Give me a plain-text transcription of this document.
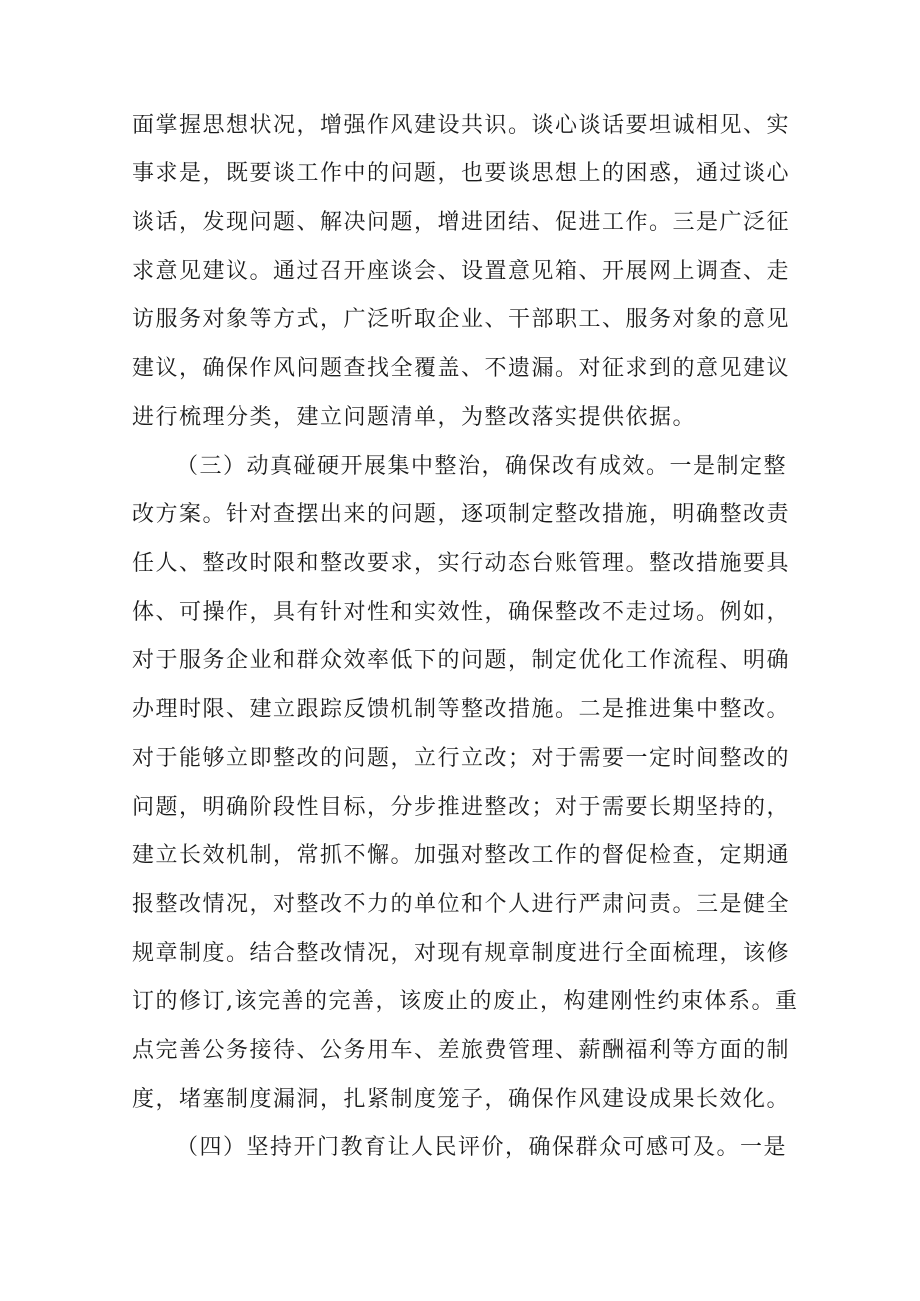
面掌握思想状况，增强作风建设共识。谈心谈话要坦诚相见、实
事求是，既要谈工作中的问题，也要谈思想上的困惑，通过谈心
谈话，发现问题、解决问题，增进团结、促进工作。三是广泛征
求意见建议。通过召开座谈会、设置意见箱、开展网上调查、走
访服务对象等方式，广泛听取企业、干部职工、服务对象的意见
建议，确保作风问题查找全覆盖、不遗漏。对征求到的意见建议
进行梳理分类，建立问题清单，为整改落实提供依据。
（三）动真碰硬开展集中整治，确保改有成效。一是制定整
改方案。针对查摆出来的问题，逐项制定整改措施，明确整改责
任人、整改时限和整改要求，实行动态台账管理。整改措施要具
体、可操作，具有针对性和实效性，确保整改不走过场。例如，
对于服务企业和群众效率低下的问题，制定优化工作流程、明确
办理时限、建立跟踪反馈机制等整改措施。二是推进集中整改。
对于能够立即整改的问题，立行立改；对于需要一定时间整改的
问题，明确阶段性目标，分步推进整改；对于需要长期坚持的，
建立长效机制，常抓不懈。加强对整改工作的督促检查，定期通
报整改情况，对整改不力的单位和个人进行严肃问责。三是健全
规章制度。结合整改情况，对现有规章制度进行全面梳理，该修
订的修订,该完善的完善，该废止的废止，构建刚性约束体系。重
点完善公务接待、公务用车、差旅费管理、薪酬福利等方面的制
度，堵塞制度漏洞，扎紧制度笼子，确保作风建设成果长效化。
（四）坚持开门教育让人民评价，确保群众可感可及。一是
